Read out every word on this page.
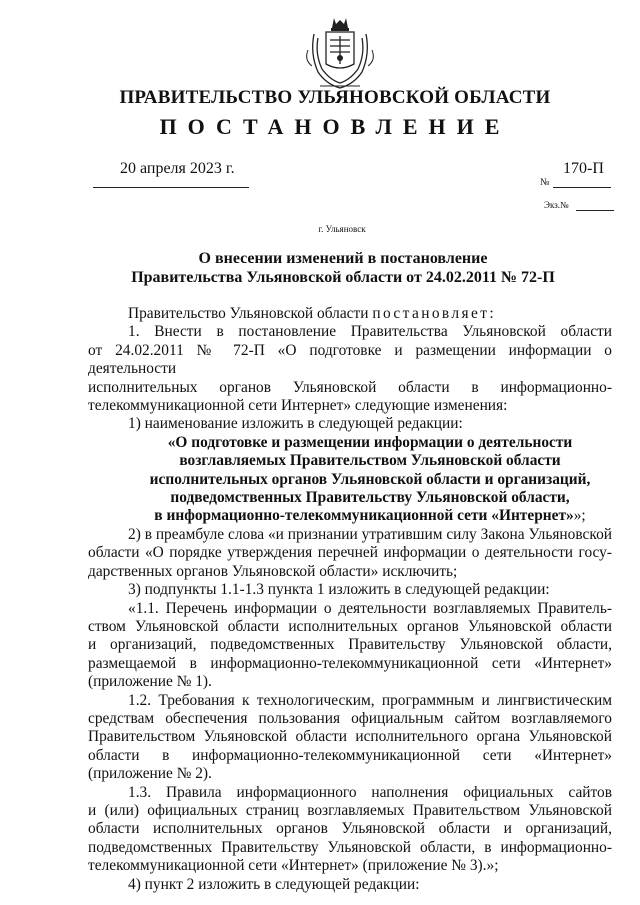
ПРАВИТЕЛЬСТВО УЛЬЯНОВСКОЙ ОБЛАСТИ
ПОСТАНОВЛЕНИЕ
20 апреля 2023 г.	170-П
№
Экз.№
г. Ульяновск
О внесении изменений в постановление
Правительства Ульяновской области от 24.02.2011 № 72-П

Правительство Ульяновской области постановляет:

1. Внести в постановление Правительства Ульяновской области

от 24.02.2011 № 72-П «О подготовке и размещении информации о деятельности

исполнительных органов Ульяновской области в информационно-

телекоммуникационной сети Интернет» следующие изменения:

1) наименование изложить в следующей редакции:

«О подготовке и размещении информации о деятельности

возглавляемых Правительством Ульяновской области

исполнительных органов Ульяновской области и организаций,

подведомственных Правительству Ульяновской области,

в информационно-телекоммуникационной сети «Интернет»»;

2) в преамбуле слова «и признании утратившим силу Закона Ульяновской

области «О порядке утверждения перечней информации о деятельности госу-

дарственных органов Ульяновской области» исключить;

3) подпункты 1.1-1.3 пункта 1 изложить в следующей редакции:

«1.1. Перечень информации о деятельности возглавляемых Правитель-

ством Ульяновской области исполнительных органов Ульяновской области

и организаций, подведомственных Правительству Ульяновской области,

размещаемой в информационно-телекоммуникационной сети «Интернет»

(приложение № 1).

1.2. Требования к технологическим, программным и лингвистическим

средствам обеспечения пользования официальным сайтом возглавляемого

Правительством Ульяновской области исполнительного органа Ульяновской

области в информационно-телекоммуникационной сети «Интернет»

(приложение № 2).

1.3. Правила информационного наполнения официальных сайтов

и (или) официальных страниц возглавляемых Правительством Ульяновской

области исполнительных органов Ульяновской области и организаций,

подведомственных Правительству Ульяновской области, в информационно-

телекоммуникационной сети «Интернет» (приложение № 3).»;

4) пункт 2 изложить в следующей редакции:
